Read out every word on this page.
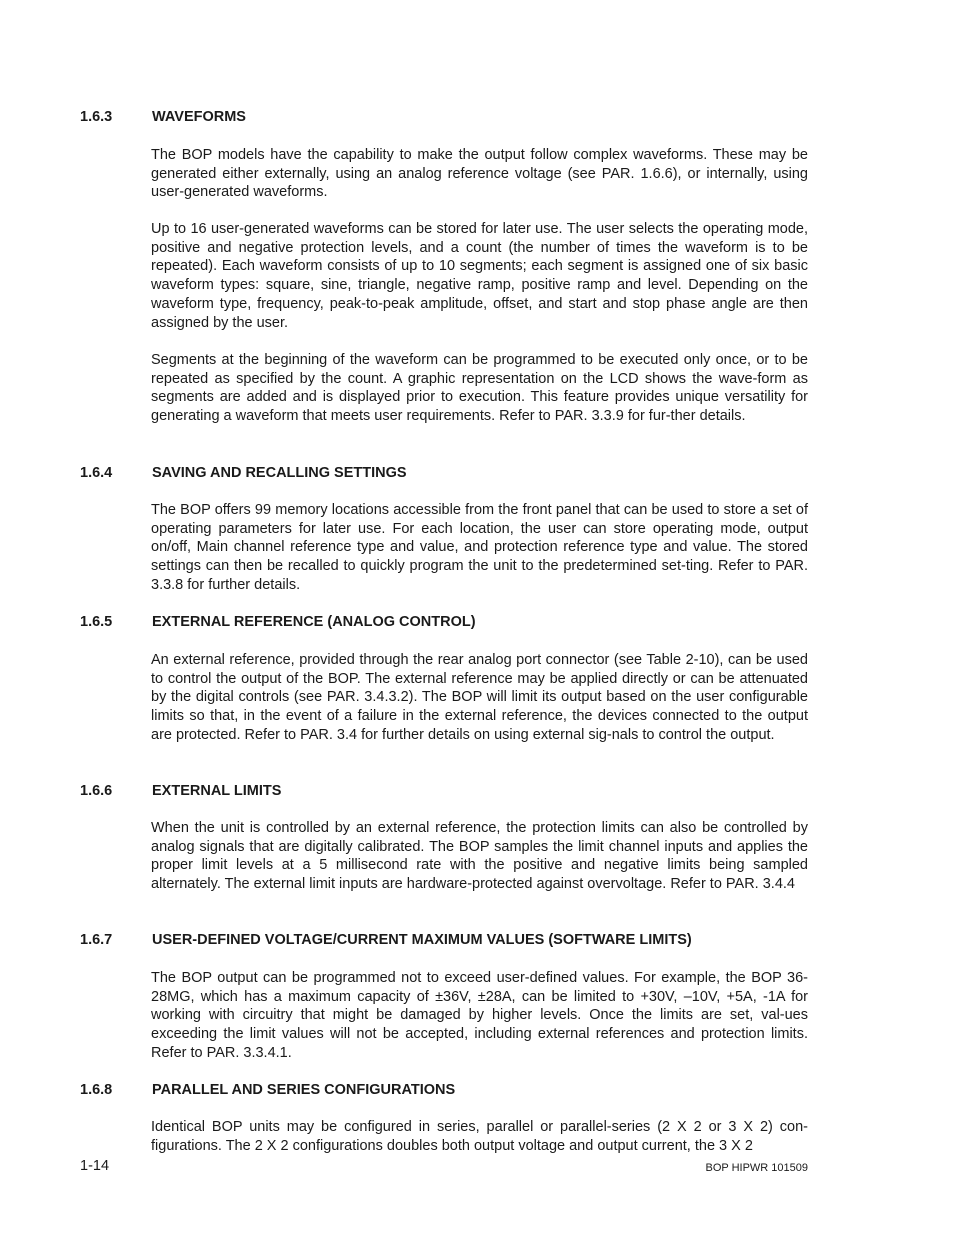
1.6.3	WAVEFORMS

The BOP models have the capability to make the output follow complex waveforms. These may be generated either externally, using an analog reference voltage (see PAR. 1.6.6), or internally, using user-generated waveforms.

Up to 16 user-generated waveforms can be stored for later use. The user selects the operating mode, positive and negative protection levels, and a count (the number of times the waveform is to be repeated). Each waveform consists of up to 10 segments; each segment is assigned one of six basic waveform types: square, sine, triangle, negative ramp, positive ramp and level. Depending on the waveform type, frequency, peak-to-peak amplitude, offset, and start and stop phase angle are then assigned by the user.

Segments at the beginning of the waveform can be programmed to be executed only once, or to be repeated as specified by the count. A graphic representation on the LCD shows the wave-form as segments are added and is displayed prior to execution. This feature provides unique versatility for generating a waveform that meets user requirements. Refer to PAR. 3.3.9 for fur-ther details.

1.6.4	SAVING AND RECALLING SETTINGS

The BOP offers 99 memory locations accessible from the front panel that can be used to store a set of operating parameters for later use. For each location, the user can store operating mode, output on/off, Main channel reference type and value, and protection reference type and value. The stored settings can then be recalled to quickly program the unit to the predetermined set-ting. Refer to PAR. 3.3.8 for further details.

1.6.5	EXTERNAL REFERENCE (ANALOG CONTROL)

An external reference, provided through the rear analog port connector (see Table 2-10), can be used to control the output of the BOP. The external reference may be applied directly or can be attenuated by the digital controls (see PAR. 3.4.3.2). The BOP will limit its output based on the user configurable limits so that, in the event of a failure in the external reference, the devices connected to the output are protected. Refer to PAR. 3.4 for further details on using external sig-nals to control the output.

1.6.6	EXTERNAL LIMITS

When the unit is controlled by an external reference, the protection limits can also be controlled by analog signals that are digitally calibrated. The BOP samples the limit channel inputs and applies the proper limit levels at a 5 millisecond rate with the positive and negative limits being sampled alternately. The external limit inputs are hardware-protected against overvoltage. Refer to PAR. 3.4.4

1.6.7	USER-DEFINED VOLTAGE/CURRENT MAXIMUM VALUES (SOFTWARE LIMITS)

The BOP output can be programmed not to exceed user-defined values. For example, the BOP 36-28MG, which has a maximum capacity of ±36V, ±28A, can be limited to +30V, –10V, +5A, -1A for working with circuitry that might be damaged by higher levels. Once the limits are set, val-ues exceeding the limit values will not be accepted, including external references and protection limits. Refer to PAR. 3.3.4.1.

1.6.8	PARALLEL AND SERIES CONFIGURATIONS

Identical BOP units may be configured in series, parallel or parallel-series (2 X 2 or 3 X 2) con-figurations. The 2 X 2 configurations doubles both output voltage and output current, the 3 X 2

1-14	BOP HIPWR 101509
